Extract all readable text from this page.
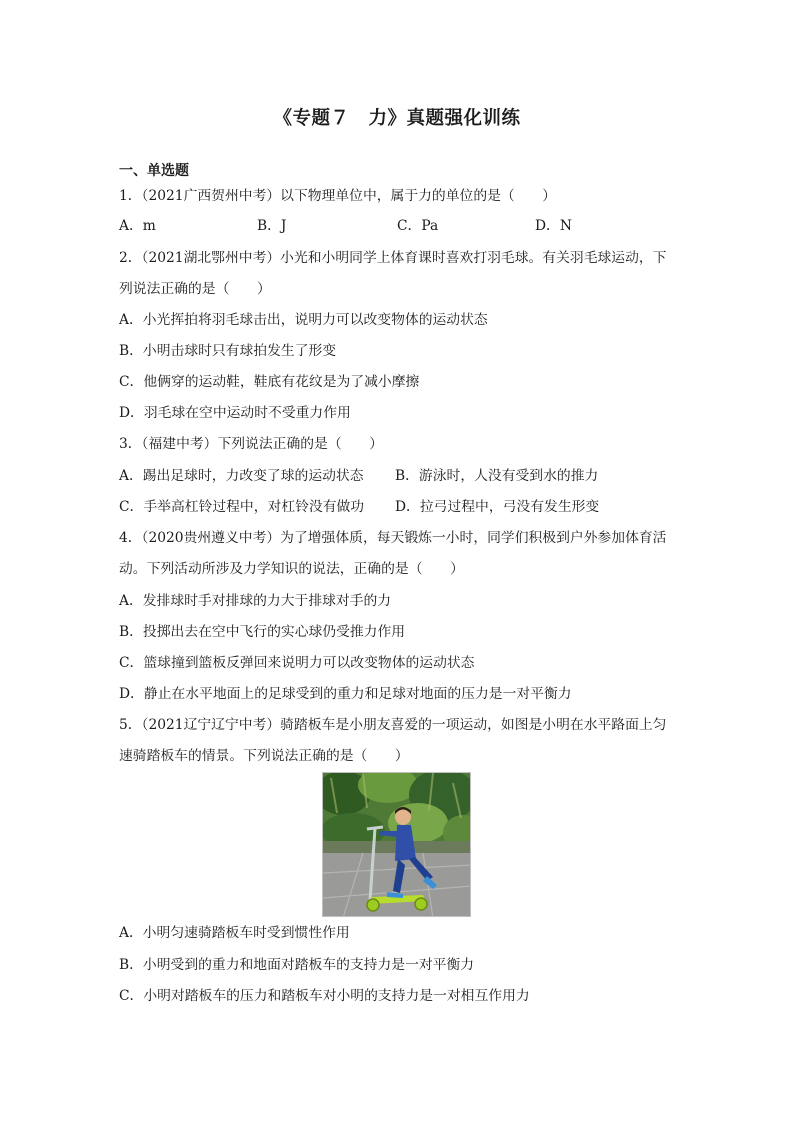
《专题７　力》真题强化训练
一、单选题
1．（2021广西贺州中考）以下物理单位中，属于力的单位的是（　　）
A．m	B．J	C．Pa	D．N
2．（2021湖北鄂州中考）小光和小明同学上体育课时喜欢打羽毛球。有关羽毛球运动，下
列说法正确的是（　　）
A．小光挥拍将羽毛球击出，说明力可以改变物体的运动状态
B．小明击球时只有球拍发生了形变
C．他俩穿的运动鞋，鞋底有花纹是为了减小摩擦
D．羽毛球在空中运动时不受重力作用
3．（福建中考）下列说法正确的是（　　）
A．踢出足球时，力改变了球的运动状态 B．游泳时，人没有受到水的推力
C．手举高杠铃过程中，对杠铃没有做功 D．拉弓过程中，弓没有发生形变
4．（2020贵州遵义中考）为了增强体质，每天锻炼一小时，同学们积极到户外参加体育活
动。下列活动所涉及力学知识的说法，正确的是（　　）
A．发排球时手对排球的力大于排球对手的力
B．投掷出去在空中飞行的实心球仍受推力作用
C．篮球撞到篮板反弹回来说明力可以改变物体的运动状态
D．静止在水平地面上的足球受到的重力和足球对地面的压力是一对平衡力
5．（2021辽宁辽宁中考）骑踏板车是小朋友喜爱的一项运动，如图是小明在水平路面上匀
速骑踏板车的情景。下列说法正确的是（　　）
A．小明匀速骑踏板车时受到惯性作用
B．小明受到的重力和地面对踏板车的支持力是一对平衡力
C．小明对踏板车的压力和踏板车对小明的支持力是一对相互作用力
